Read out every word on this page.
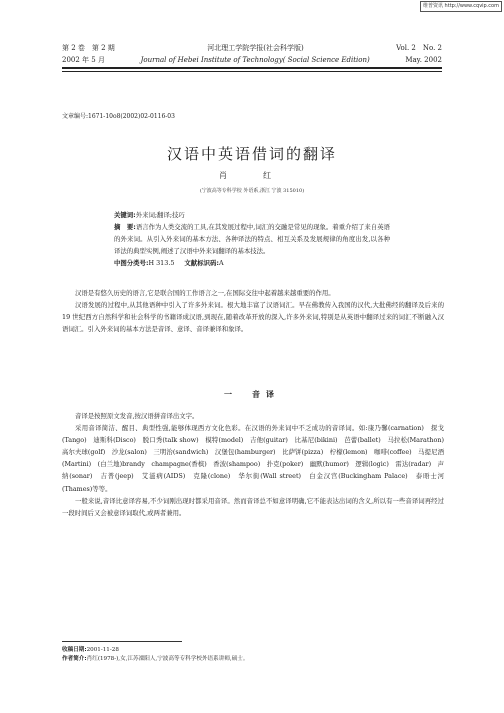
维普资讯 http://www.cqvip.com
第 2 卷　第 2 期	河北理工学院学报(社会科学版)	Vol. 2　No. 2
2002 年 5 月	Journal of Hebei Institute of Technology( Social Science Edition)	May. 2002
文章编号:1671-10o8(2002)02-0116-03
汉语中英语借词的翻译
肖　红
(宁波高等专科学校 外语系,浙江 宁波 315010)

关键词:外来词;翻译;技巧

摘　要:语言作为人类交流的工具,在其发展过程中,词汇的交融是常见的现象。着重介绍了来自英语的外来词。从引入外来词的基本方法、各种译法的特点、相互关系及发展规律的角度出发,以各种译法的典型实例,阐述了汉语中外来词翻译的基本技法。

中图分类号:H 313.5 文献标识码:A

汉语是有悠久历史的语言,它是联合国的工作语言之一,在国际交往中起着越来越重要的作用。

汉语发展的过程中,从其他语种中引入了许多外来词。根大地丰富了汉语词汇。早在佛教传入我国的汉代,大批佛经的翻译及后来的 19 世纪西方自然科学和社会科学的书籍译成汉语,到现在,随着改革开放的深入,许多外来词,特别是从英语中翻译过来的词汇不断融入汉语词汇。引入外来词的基本方法是音译、意译、音译兼译和象译。

一　音译

音译是按照原文发音,按汉语拼音译出文字。

采用音译简洁、醒目、典型性强,能够体现西方文化色彩。在汉语的外来词中不乏成功的音译词。如:康乃馨(carnation)　探戈(Tango)　迪斯科(Disco)　脱口秀(talk show)　模特(model)　吉他(guitar)　比基尼(bikini)　芭蕾(ballet)　马拉松(Marathon)　高尔夫球(golf)　沙龙(salon)　三明治(sandwich)　汉堡包(hamburger)　比萨饼(pizza)　柠檬(lemon)　咖啡(coffee)　马提尼酒(Martini)　(白兰地)brandy　champagne(香槟)　香波(shampoo)　扑克(poker)　幽默(humor)　逻辑(logic)　雷达(radar)　声纳(sonar)　吉普(jeep)　艾滋病(AIDS)　克隆(clone)　华尔街(Wall street)　白金汉宫(Buckingham Palace)　泰晤士河(Thames)等等。

一般来说,音译比意译容易,不少词刚出现时都采用音译。然而音译总不如意译明确,它不能表达出词的含义,所以有一些音译词再经过一段时间后又会被意译词取代,或两者兼用。

收稿日期:2001-11-28
作者简介:肖红(1978-),女,江苏溧阳人,宁波高等专科学校外语系讲师,硕士。
